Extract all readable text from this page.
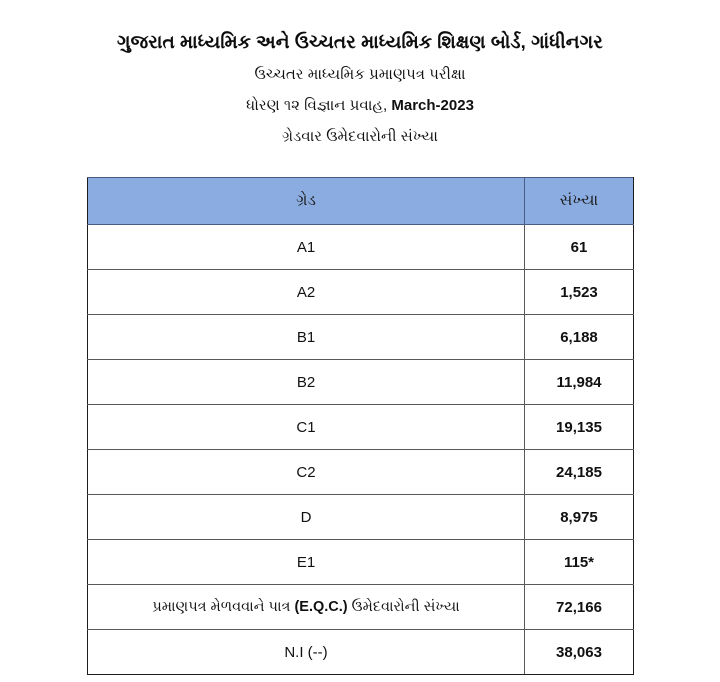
ગુજરાત માધ્યમિક અને ઉચ્ચતર માધ્યમિક શિક્ષણ બોર્ડ, ગાંધીનગર
ઉચ્ચતર માધ્યમિક પ્રમાણપત્ર પરીક્ષા
ધોરણ ૧૨ વિજ્ઞાન પ્રવાહ, March-2023
ગ્રેડવાર ઉમેદવારોની સંખ્યા
ગ્રેડ	સંખ્યા
A1	61
A2	1,523
B1	6,188
B2	11,984
C1	19,135
C2	24,185
D	8,975
E1	115*
પ્રમાણપત્ર મેળવવાને પાત્ર (E.Q.C.) ઉમેદવારોની સંખ્યા	72,166
N.I (--)	38,063
